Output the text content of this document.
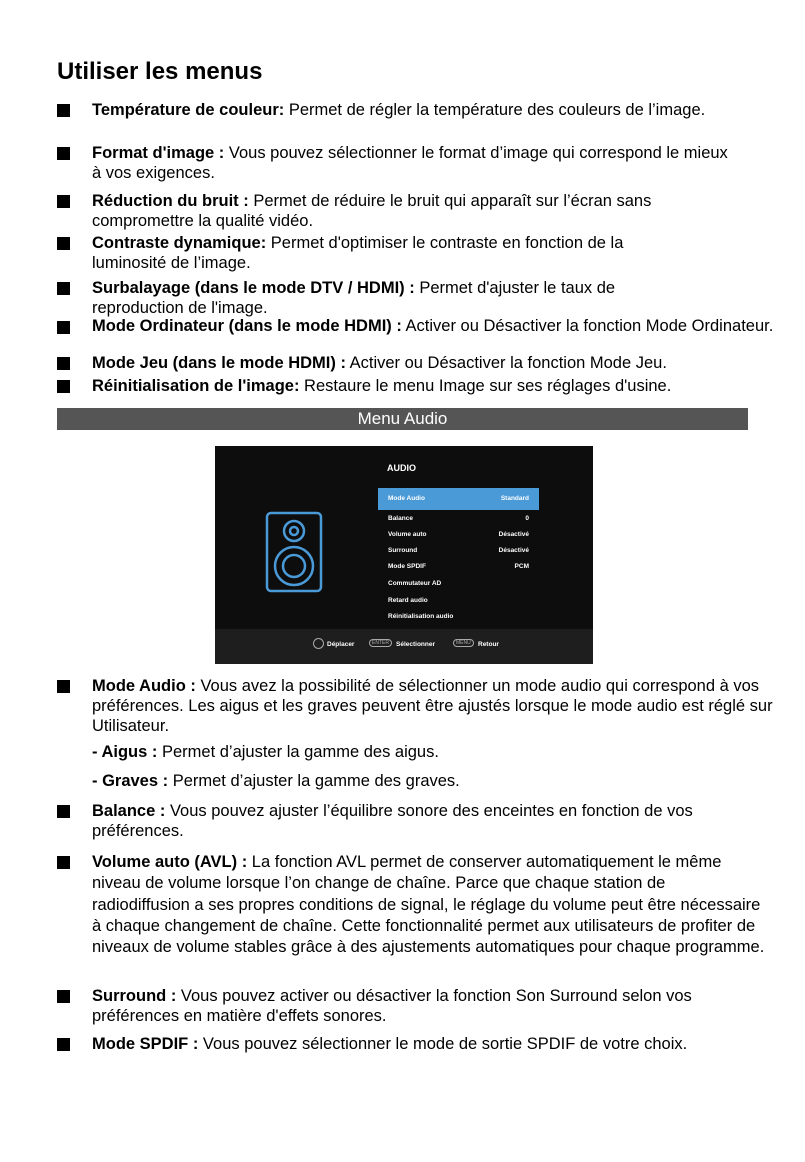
Utiliser les menus
Température de couleur: Permet de régler la température des couleurs de l’image.
Format d'image : Vous pouvez sélectionner le format d’image qui correspond le mieux à vos exigences.
Réduction du bruit : Permet de réduire le bruit qui apparaît sur l’écran sans compromettre la qualité vidéo.
Contraste dynamique: Permet d'optimiser le contraste en fonction de la luminosité de l’image.
Surbalayage (dans le mode DTV / HDMI) : Permet d'ajuster le taux de reproduction de l'image.
Mode Ordinateur (dans le mode HDMI) : Activer ou Désactiver la fonction Mode Ordinateur.
Mode Jeu (dans le mode HDMI) : Activer ou Désactiver la fonction Mode Jeu.
Réinitialisation de l'image: Restaure le menu Image sur ses réglages d'usine.
Menu Audio
AUDIO
Mode Audio	Standard
Balance	0
Volume auto	Désactivé
Surround	Désactivé
Mode SPDIF	PCM
Commutateur AD
Retard audio
Réinitialisation audio
Déplacer	ENTER	Sélectionner	MENU	Retour
Mode Audio : Vous avez la possibilité de sélectionner un mode audio qui correspond à vos préférences. Les aigus et les graves peuvent être ajustés lorsque le mode audio est réglé sur Utilisateur.
- Aigus : Permet d’ajuster la gamme des aigus.
- Graves : Permet d’ajuster la gamme des graves.
Balance : Vous pouvez ajuster l’équilibre sonore des enceintes en fonction de vos préférences.
Volume auto (AVL) : La fonction AVL permet de conserver automatiquement le même niveau de volume lorsque l’on change de chaîne. Parce que chaque station de radiodiffusion a ses propres conditions de signal, le réglage du volume peut être nécessaire à chaque changement de chaîne. Cette fonctionnalité permet aux utilisateurs de profiter de niveaux de volume stables grâce à des ajustements automatiques pour chaque programme.
Surround : Vous pouvez activer ou désactiver la fonction Son Surround selon vos préférences en matière d'effets sonores.
Mode SPDIF : Vous pouvez sélectionner le mode de sortie SPDIF de votre choix.
